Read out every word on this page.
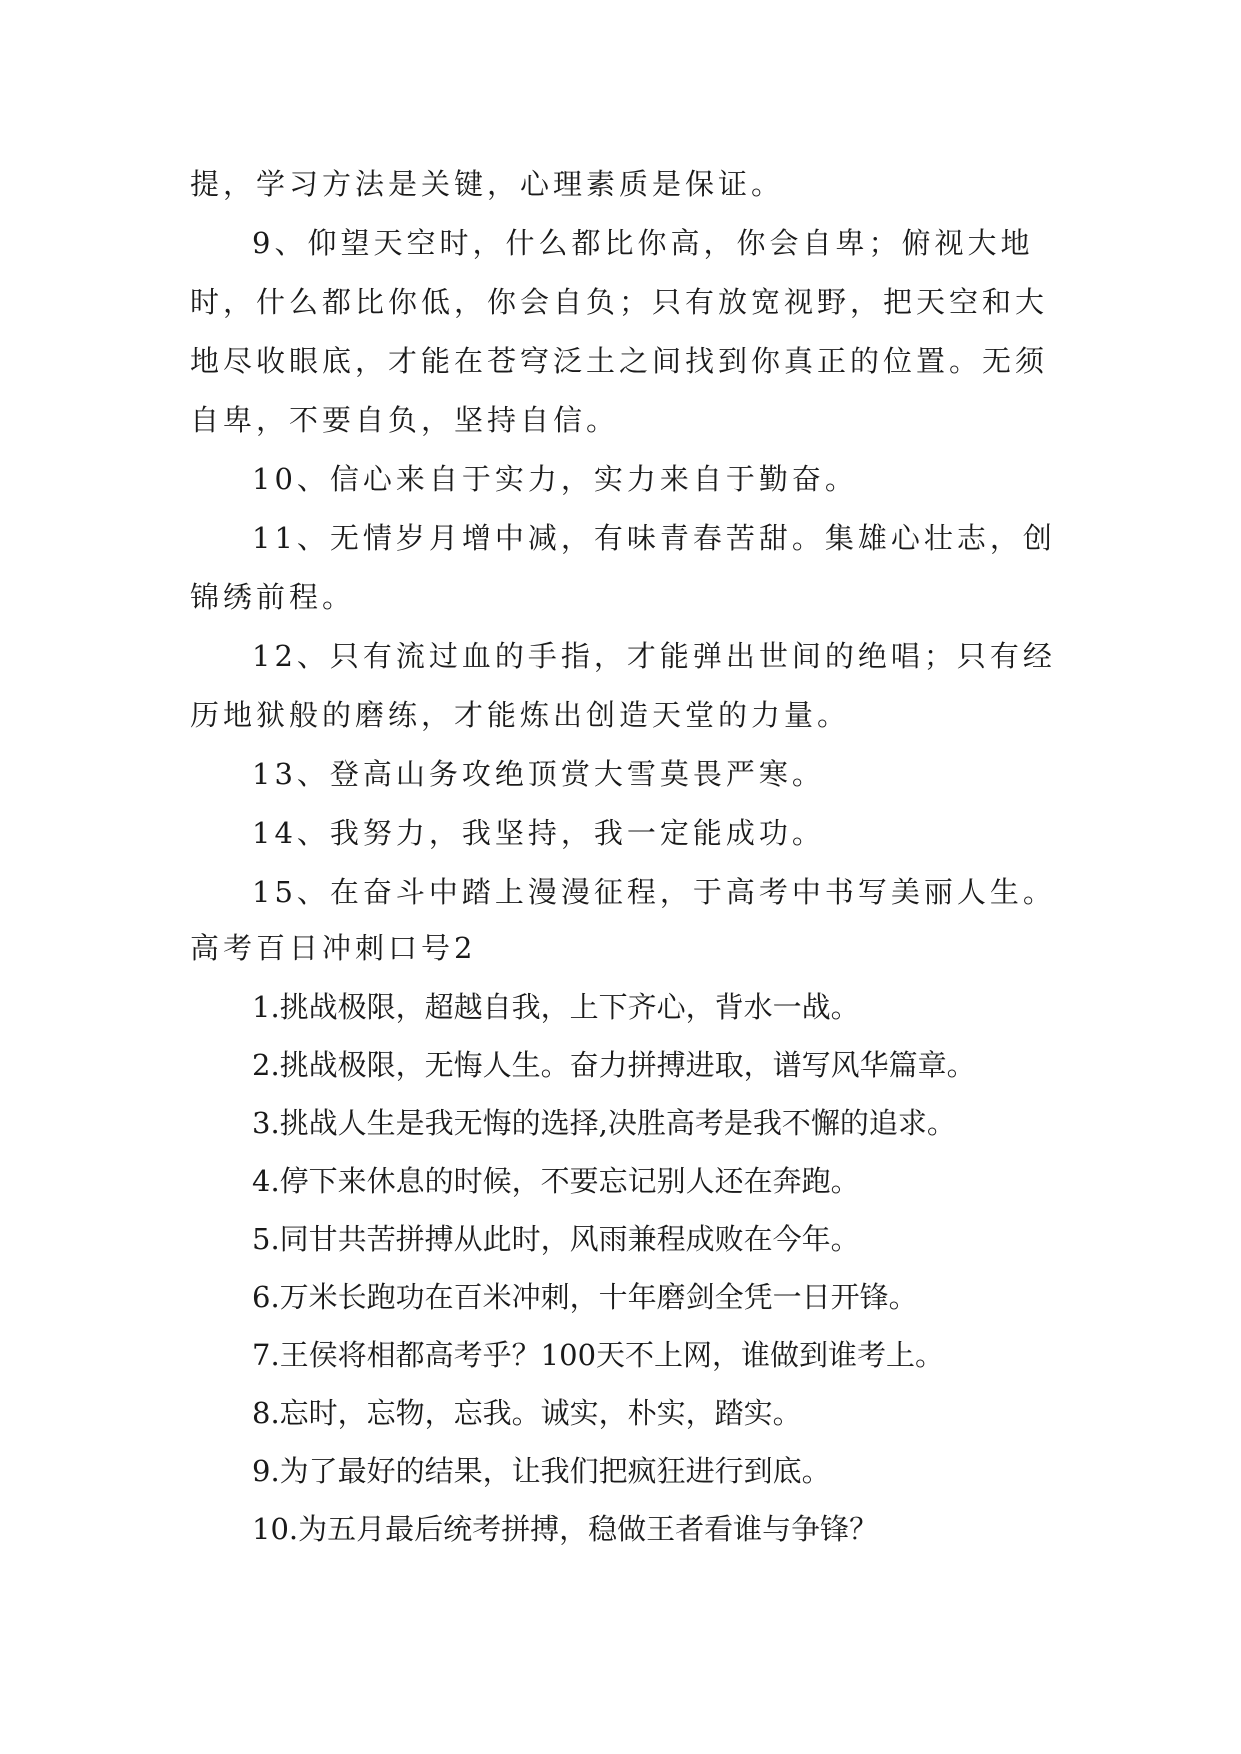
提，学习方法是关键，心理素质是保证。
9、仰望天空时，什么都比你高，你会自卑；俯视大地
时，什么都比你低，你会自负；只有放宽视野，把天空和大
地尽收眼底，才能在苍穹泛土之间找到你真正的位置。无须
自卑，不要自负，坚持自信。
10、信心来自于实力，实力来自于勤奋。
11、无情岁月增中减，有味青春苦甜。集雄心壮志，创
锦绣前程。
12、只有流过血的手指，才能弹出世间的绝唱；只有经
历地狱般的磨练，才能炼出创造天堂的力量。
13、登高山务攻绝顶赏大雪莫畏严寒。
14、我努力，我坚持，我一定能成功。
15、在奋斗中踏上漫漫征程，于高考中书写美丽人生。
高考百日冲刺口号2
1.挑战极限，超越自我，上下齐心，背水一战。
2.挑战极限，无悔人生。奋力拼搏进取，谱写风华篇章。
3.挑战人生是我无悔的选择,决胜高考是我不懈的追求。
4.停下来休息的时候，不要忘记别人还在奔跑。
5.同甘共苦拼搏从此时，风雨兼程成败在今年。
6.万米长跑功在百米冲刺，十年磨剑全凭一日开锋。
7.王侯将相都高考乎？100天不上网，谁做到谁考上。
8.忘时，忘物，忘我。诚实，朴实，踏实。
9.为了最好的结果，让我们把疯狂进行到底。
10.为五月最后统考拼搏，稳做王者看谁与争锋？
